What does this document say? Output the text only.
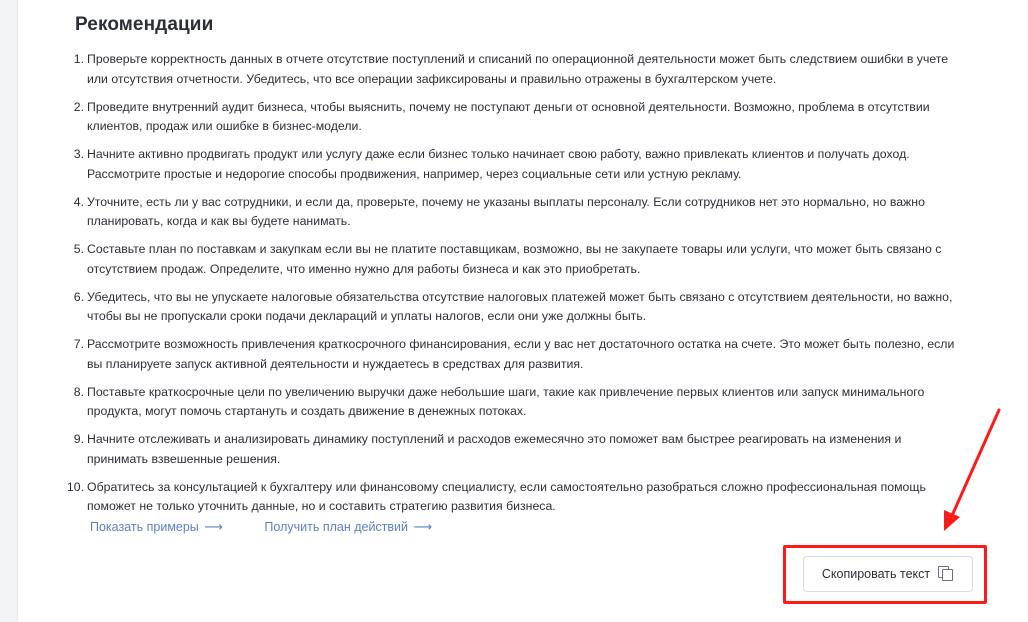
Рекомендации
1. Проверьте корректность данных в отчете отсутствие поступлений и списаний по операционной деятельности может быть следствием ошибки в учете
или отсутствия отчетности. Убедитесь, что все операции зафиксированы и правильно отражены в бухгалтерском учете.
2. Проведите внутренний аудит бизнеса, чтобы выяснить, почему не поступают деньги от основной деятельности. Возможно, проблема в отсутствии
клиентов, продаж или ошибке в бизнес-модели.
3. Начните активно продвигать продукт или услугу даже если бизнес только начинает свою работу, важно привлекать клиентов и получать доход.
Рассмотрите простые и недорогие способы продвижения, например, через социальные сети или устную рекламу.
4. Уточните, есть ли у вас сотрудники, и если да, проверьте, почему не указаны выплаты персоналу. Если сотрудников нет это нормально, но важно
планировать, когда и как вы будете нанимать.
5. Составьте план по поставкам и закупкам если вы не платите поставщикам, возможно, вы не закупаете товары или услуги, что может быть связано с
отсутствием продаж. Определите, что именно нужно для работы бизнеса и как это приобретать.
6. Убедитесь, что вы не упускаете налоговые обязательства отсутствие налоговых платежей может быть связано с отсутствием деятельности, но важно,
чтобы вы не пропускали сроки подачи деклараций и уплаты налогов, если они уже должны быть.
7. Рассмотрите возможность привлечения краткосрочного финансирования, если у вас нет достаточного остатка на счете. Это может быть полезно, если
вы планируете запуск активной деятельности и нуждаетесь в средствах для развития.
8. Поставьте краткосрочные цели по увеличению выручки даже небольшие шаги, такие как привлечение первых клиентов или запуск минимального
продукта, могут помочь стартануть и создать движение в денежных потоках.
9. Начните отслеживать и анализировать динамику поступлений и расходов ежемесячно это поможет вам быстрее реагировать на изменения и
принимать взвешенные решения.
10. Обратитесь за консультацией к бухгалтеру или финансовому специалисту, если самостоятельно разобраться сложно профессиональная помощь
поможет не только уточнить данные, но и составить стратегию развития бизнеса.
Показать примеры ⟶	Получить план действий ⟶
Скопировать текст
